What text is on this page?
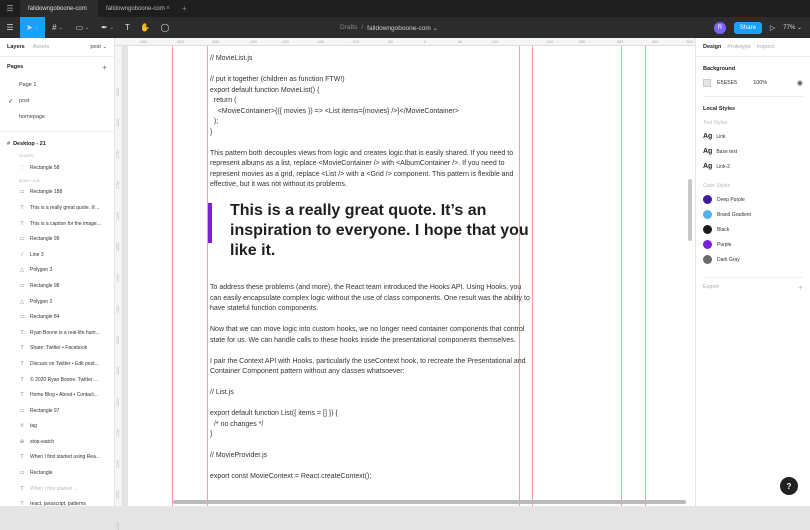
☰	falldowngoboone-com	falldowngoboone-com ×	+
☰	➤ ⌄	# ⌄	▭ ⌄	✒ ⌄	T	✋	◯	Drafts / falldowngoboone-com ⌄	R	Share	▷ 77% ⌄
Layers Assets	post ⌄
Pages	+
Page 1
✓ post
homepage
# Desktop - 21
SHAPE
⋮ Rectangle 58
BODY LIS
▭ Rectangle 188
T This is a really great quote. It'...
T This is a caption for the image...
▭ Rectangle 99
/	Line 3
△ Polygon 3
▭ Rectangle 98
△ Polygon 2
▭ Rectangle 84
T Ryan Boone is a real-life hum...
T Share: Twitter • Facebook
T Discuss on Twitter • Edit post...
T © 2020 Ryan Boone. Twitter ...
T Home Blog • About • Contact...
▭ Rectangle 97
# tag
⊕ stop-watch
T When I first started using Rea...
▭ Rectangle
T When I first started ...
T react, javascript, patterns
-450	-350	-300	-250	-200	-150	-100	-50	0	50	100	200	250	300	400	500
1600
1650
1700
1750
1800
1850
1900
1950
2000
2050
2100
2150
2200
2250
2300

// MovieList.js

// put it together (children as function FTW!)
export default function MovieList() {
return (
<MovieContainer>{({ movies }) => <List items={movies} />}</MovieContainer>
);
}

This pattern both decouples views from logic and creates logic that is easily shared. If you need to represent albums as a list, replace <MovieContainer /> with <AlbumContainer />. If you need to represent movies as a grid, replace <List /> with a <Grid /> component. This pattern is flexible and effective, but it was not without its problems.

This is a really great quote. It’s an inspiration to everyone. I hope that you like it.

To address these problems (and more), the React team introduced the Hooks API. Using Hooks, you can easily encapsulate complex logic without the use of class components. One result was the ability to have stateful function components.

Now that we can move logic into custom hooks, we no longer need container components that control state for us. We can handle calls to these hooks inside the presentational components themselves.

I pair the Context API with Hooks, particularly the useContext hook, to recreate the Presentational and Container Component pattern without any classes whatsoever:

// List.js

export default function List({ items = [] }) {
/* no changes */
}

// MovieProvider.js

export const MovieContext = React.createContext();

Design Prototype Inspect
Background
E5E5E5	100%	◉
Local Styles
Text Styles
Ag Link
Ag Base text
Ag Link-2
Color Styles
Deep Purple
Brand Gradient
Black
Purple
Dark Gray
Export	+
?
